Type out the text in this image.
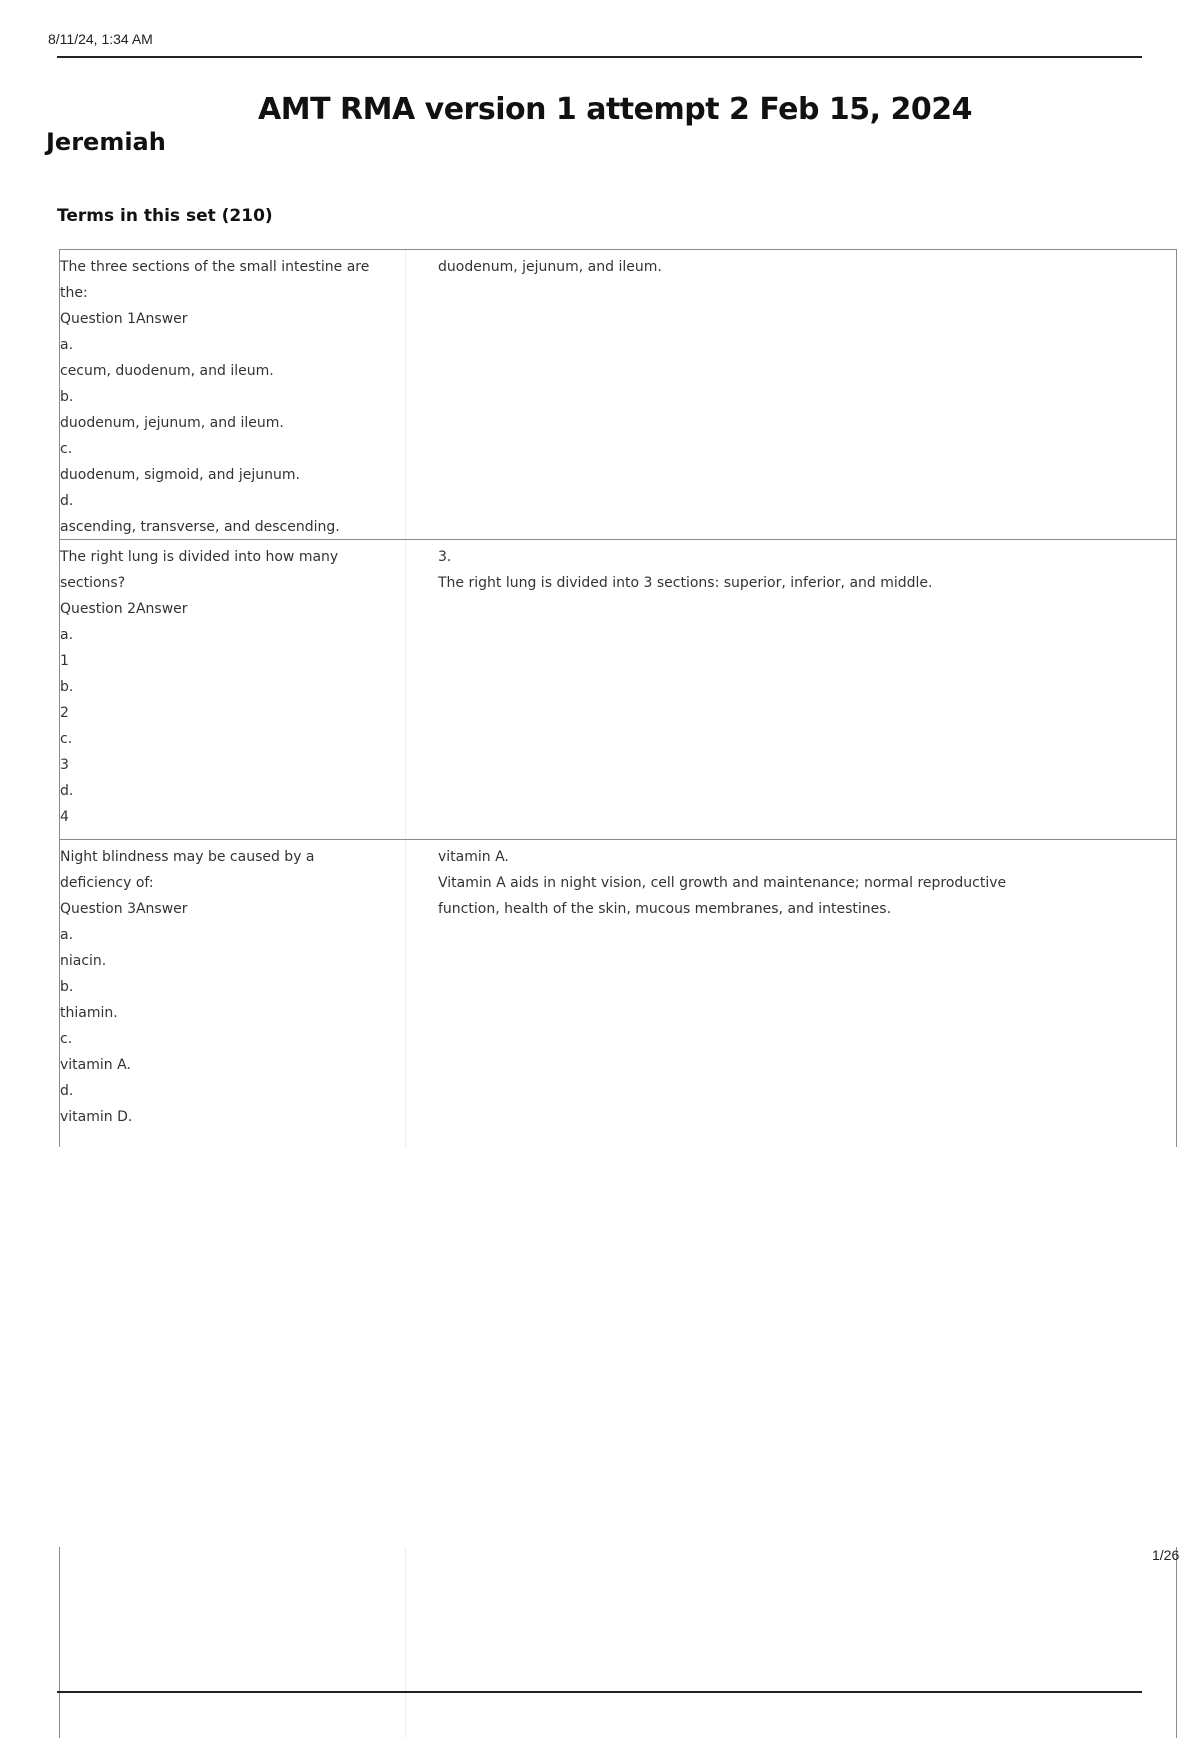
8/11/24, 1:34 AM
AMT RMA version 1 attempt 2 Feb 15, 2024
Jeremiah
Terms in this set (210)
The three sections of the small intestine are
the:
Question 1Answer
a.
cecum, duodenum, and ileum.
b.
duodenum, jejunum, and ileum.
c.
duodenum, sigmoid, and jejunum.
d.
ascending, transverse, and descending.
duodenum, jejunum, and ileum.
The right lung is divided into how many
sections?
Question 2Answer
a.
1
b.
2
c.
3
d.
4
3.
The right lung is divided into 3 sections: superior, inferior, and middle.
Night blindness may be caused by a
deficiency of:
Question 3Answer
a.
niacin.
b.
thiamin.
c.
vitamin A.
d.
vitamin D.
vitamin A.
Vitamin A aids in night vision, cell growth and maintenance; normal reproductive
function, health of the skin, mucous membranes, and intestines.
1/26
